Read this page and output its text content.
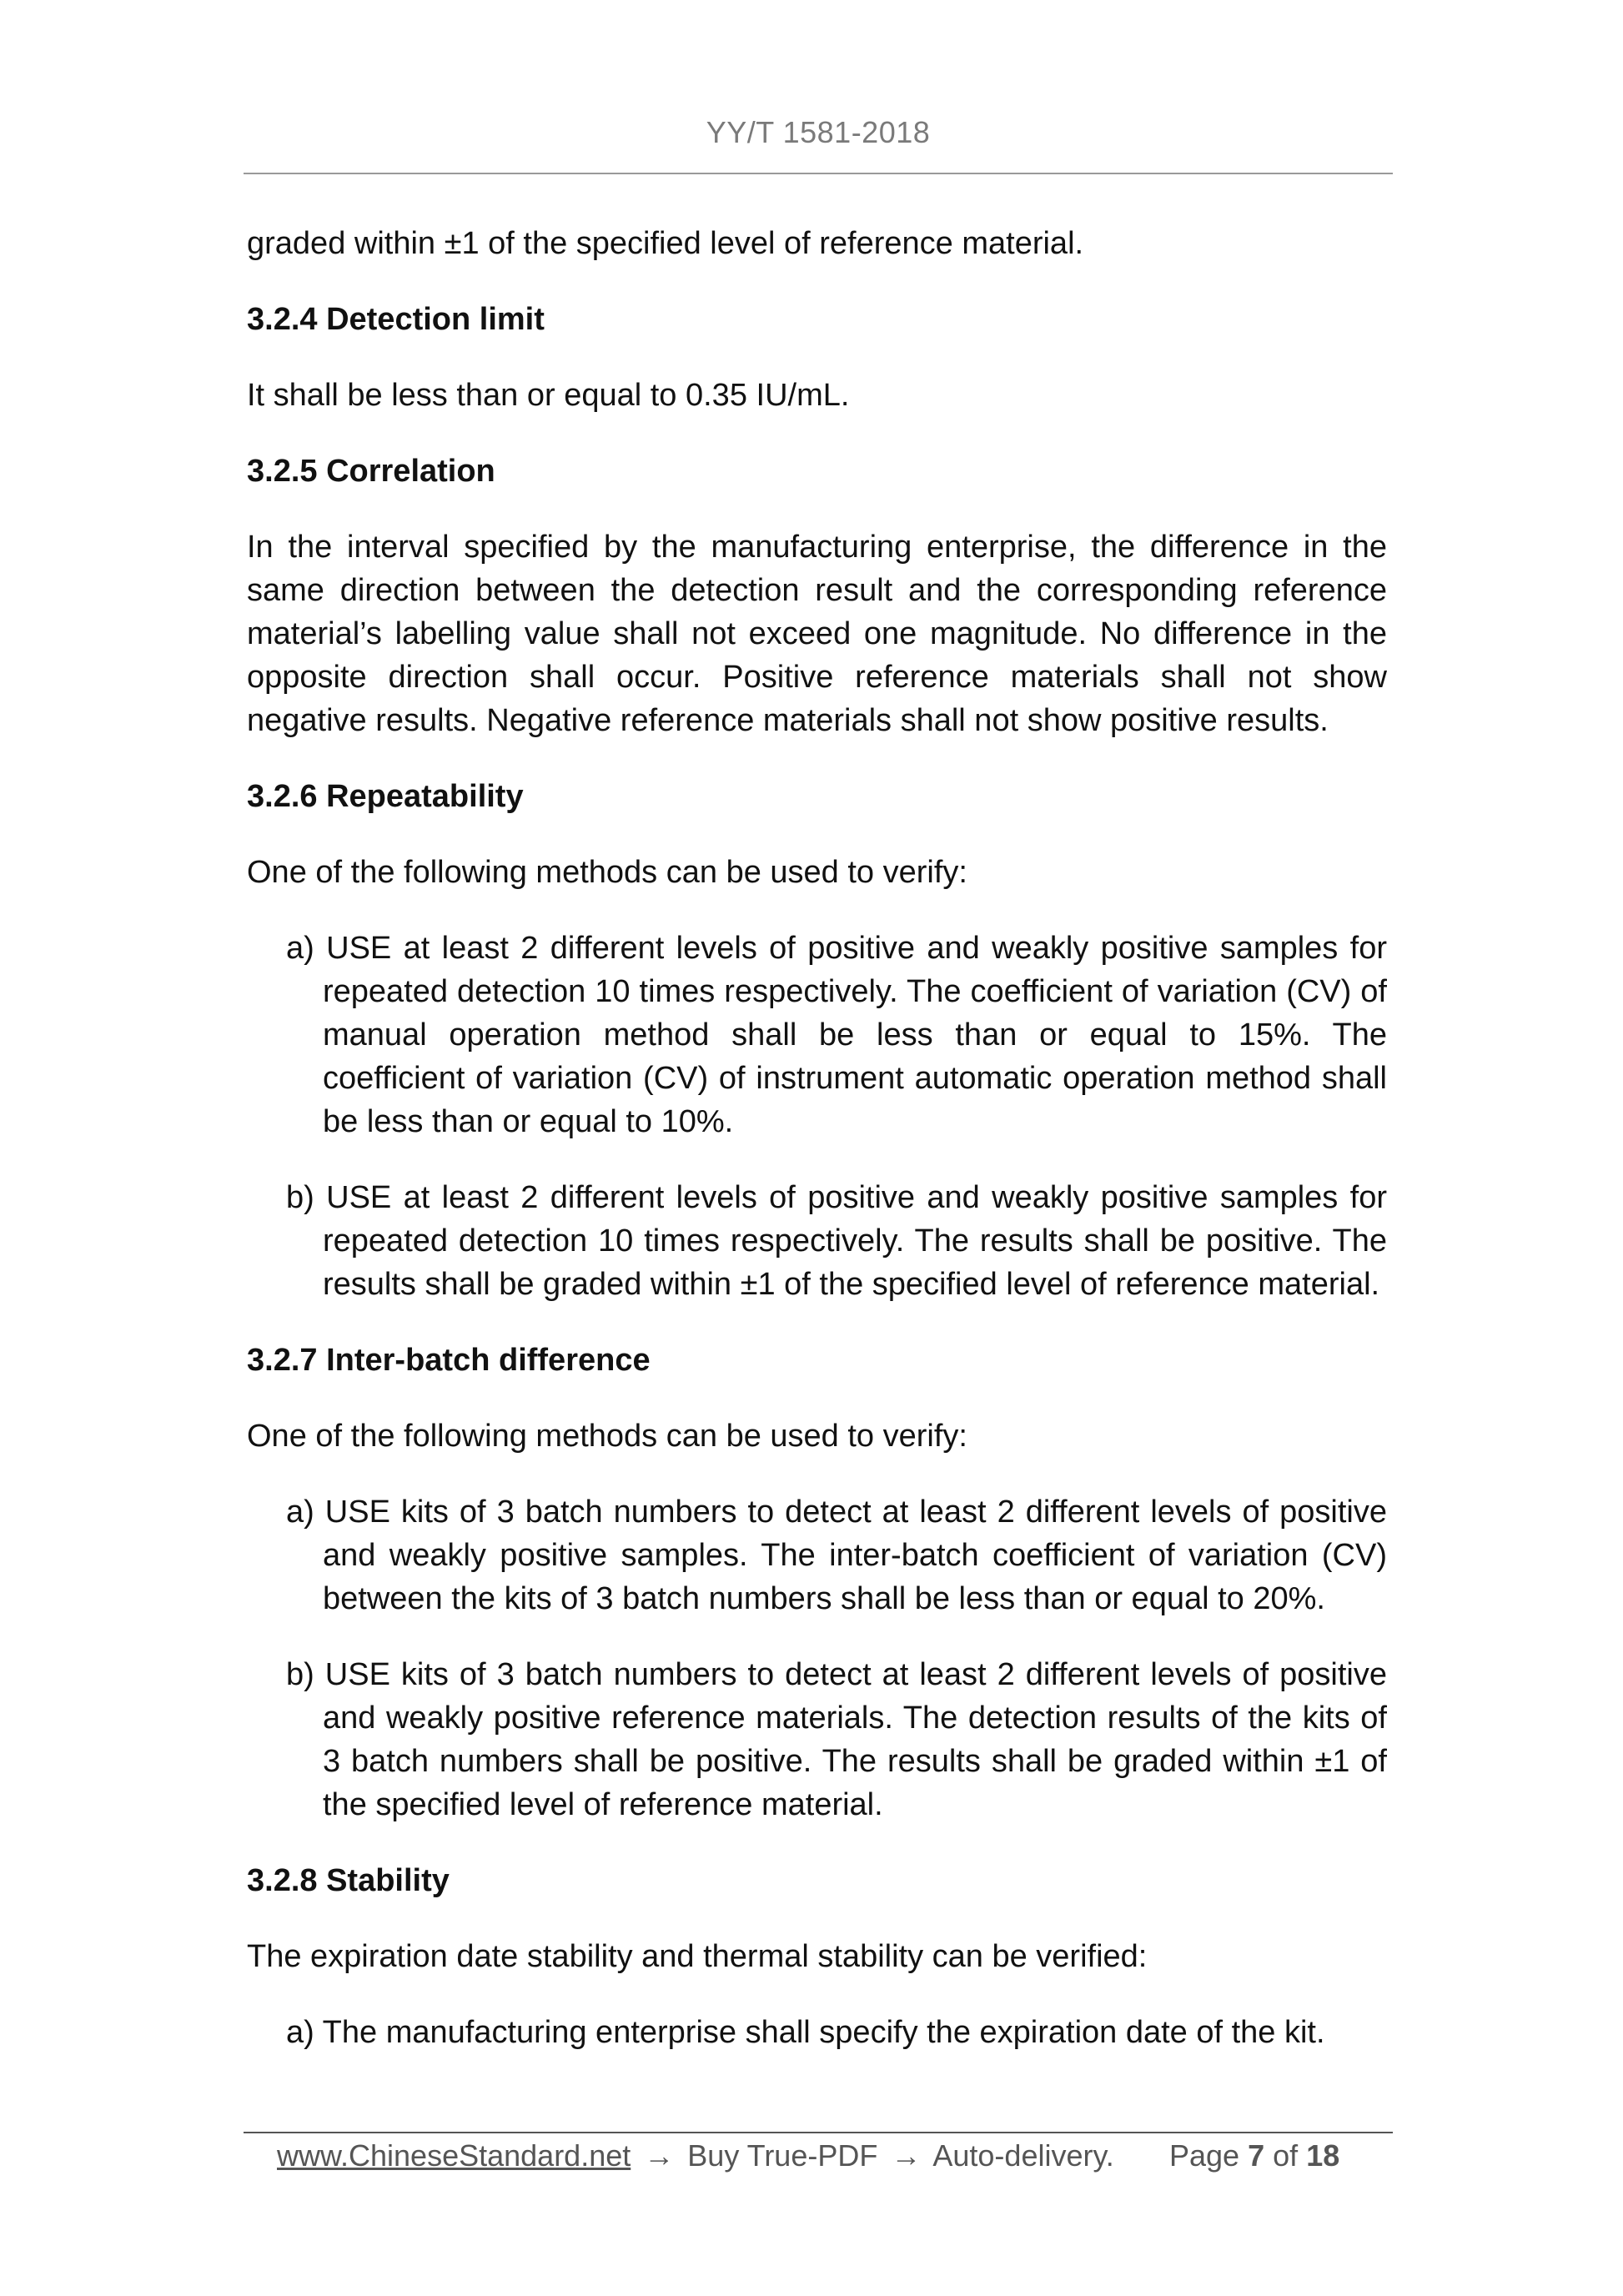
YY/T 1581-2018

graded within ±1 of the specified level of reference material.

3.2.4 Detection limit

It shall be less than or equal to 0.35 IU/mL.

3.2.5 Correlation

In the interval specified by the manufacturing enterprise, the difference in the same direction between the detection result and the corresponding reference material’s labelling value shall not exceed one magnitude. No difference in the opposite direction shall occur. Positive reference materials shall not show negative results. Negative reference materials shall not show positive results.

3.2.6 Repeatability

One of the following methods can be used to verify:

a) USE at least 2 different levels of positive and weakly positive samples for repeated detection 10 times respectively. The coefficient of variation (CV) of manual operation method shall be less than or equal to 15%. The coefficient of variation (CV) of instrument automatic operation method shall be less than or equal to 10%.

b) USE at least 2 different levels of positive and weakly positive samples for repeated detection 10 times respectively. The results shall be positive. The results shall be graded within ±1 of the specified level of reference material.

3.2.7 Inter-batch difference

One of the following methods can be used to verify:

a) USE kits of 3 batch numbers to detect at least 2 different levels of positive and weakly positive samples. The inter-batch coefficient of variation (CV) between the kits of 3 batch numbers shall be less than or equal to 20%.

b) USE kits of 3 batch numbers to detect at least 2 different levels of positive and weakly positive reference materials. The detection results of the kits of 3 batch numbers shall be positive. The results shall be graded within ±1 of the specified level of reference material.

3.2.8 Stability

The expiration date stability and thermal stability can be verified:

a) The manufacturing enterprise shall specify the expiration date of the kit.

www.ChineseStandard.net → Buy True-PDF → Auto-delivery. Page 7 of 18
